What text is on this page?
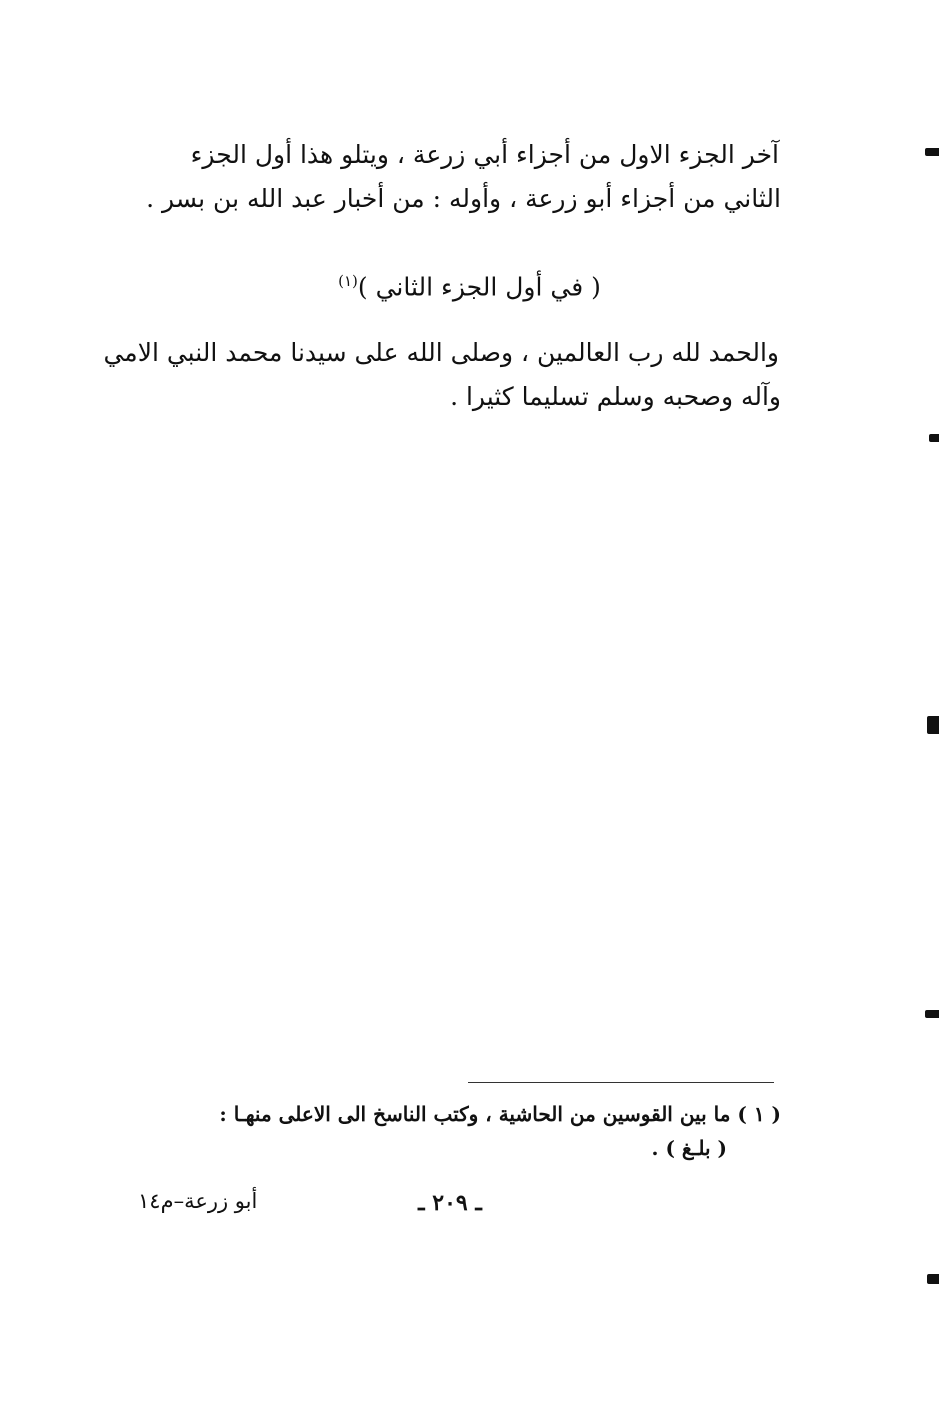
آخر الجزء الاول من أجزاء أبي زرعة ، ويتلو هذا أول الجزء
الثاني من أجزاء أبو زرعة ، وأوله : من أخبار عبد الله بن بسر .
( في أول الجزء الثاني )$^{(١)}$
والحمد لله رب العالمين ، وصلى الله على سيدنا محمد النبي الامي
وآله وصحبه وسلم تسليما كثيرا .
( ١ ) ما بين القوسين من الحاشية ، وكتب الناسخ الى الاعلى منهـا :
( بلـغ ) .
ـ ٢٠٩ ـ
أبو زرعة–م١٤
